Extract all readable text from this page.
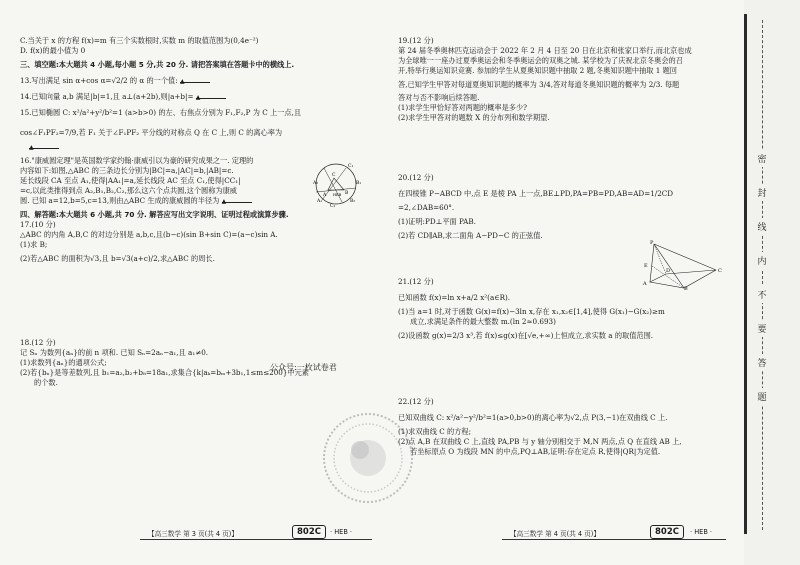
C.当关于 x 的方程 f(x)=m 有三个实数根时,实数 m 的取值范围为(0,4e⁻²)
D. f(x)的最小值为 0
三、填空题:本大题共 4 小题,每小题 5 分,共 20 分. 请把答案填在答题卡中的横线上.
13.写出满足 sin α+cos α=√2/2 的 α 的一个值: ▲
14.已知向量 a,b 满足|b|=1,且 a⊥(a+2b),则|a+b|= ▲
15.已知椭圆 C: x²/a²+y²/b²=1 (a>b>0) 的左、右焦点分别为 F₁,F₂,P 为 C 上一点,且
cos∠F₁PF₂=7/9,若 F₁ 关于∠F₁PF₂ 平分线的对称点 Q 在 C 上,则 C 的离心率为
▲
16."康威圆定理"是英国数学家约翰·康威引以为豪的研究成果之一. 定理的
内容如下:如图,△ABC 的三条边长分别为|BC|=a,|AC|=b,|AB|=c.
延长线段 CA 至点 A₁,使得|AA₁|=a,延长线段 AC 至点 C₁,使得|CC₁|
=c,以此类推得到点 A₂,B₁,B₂,C₂,那么这六个点共圆,这个圆称为康威
圆. 已知 a=12,b=5,c=13,则由△ABC 生成的康威圆的半径为 ▲
四、解答题:本大题共 6 小题,共 70 分. 解答应写出文字说明、证明过程或演算步骤.
17.(10 分)
△ABC 的内角 A,B,C 的对边分别是 a,b,c,且(b−c)(sin B+sin C)=(a−c)sin A.
(1)求 B;
(2)若△ABC 的面积为√3,且 b=√3(a+c)/2,求△ABC 的周长.
18.(12 分)
记 Sₙ 为数列{aₙ}的前 n 项和. 已知 Sₙ=2aₙ−a₁,且 a₁≠0.
(1)求数列{aₙ}的通项公式;
(2)若{bₙ}是等差数列,且 b₁=a₂,b₂+b₈=18a₁,求集合{k|aₖ=bₘ+3b₁,1≤m≤200}中元素
的个数.
C₁
A₂
C
B₁
A HEB B
A₁
C₂
B₂
公众号:一枚试卷君
19.(12 分)
第 24 届冬季奥林匹克运动会于 2022 年 2 月 4 日至 20 日在北京和张家口举行,而北京也成
为全球唯一一座办过夏季奥运会和冬季奥运会的双奥之城. 某学校为了庆祝北京冬奥会的召
开,特举行奥运知识竞赛. 参加的学生从夏奥知识题中抽取 2 题,冬奥知识题中抽取 1 题回
答,已知学生甲答对每道夏奥知识题的概率为 3/4,答对每道冬奥知识题的概率为 2/3. 每题
答对与否不影响后续答题.
(1)求学生甲恰好答对两题的概率是多少?
(2)求学生甲答对的题数 X 的分布列和数学期望.
20.(12 分)
在四棱锥 P−ABCD 中,点 E 是棱 PA 上一点,BE⊥PD,PA=PB=PD,AB=AD=1/2CD
=2,∠DAB=60°.
(1)证明:PD⊥平面 PAB.
(2)若 CD∥AB,求二面角 A−PD−C 的正弦值.
21.(12 分)
已知函数 f(x)=ln x+a/2 x²(a∈R).
(1)当 a=1 时,对于函数 G(x)=f(x)−3ln x,存在 x₁,x₂∈[1,4],使得 G(x₁)−G(x₂)≥m
成立,求满足条件的最大整数 m.(ln 2≈0.693)
(2)设函数 g(x)=2/3 x³,若 f(x)≤g(x)在[√e,+∞)上恒成立,求实数 a 的取值范围.
22.(12 分)
已知双曲线 C: x²/a²−y²/b²=1(a>0,b>0)的离心率为√2,点 P(3,−1)在双曲线 C 上.
(1)求双曲线 C 的方程;
(2)点 A,B 在双曲线 C 上,直线 PA,PB 与 y 轴分别相交于 M,N 两点,点 Q 在直线 AB 上,
若坐标原点 O 为线段 MN 的中点,PQ⊥AB,证明:存在定点 R,使得|QR|为定值.
P
E
D
A
B
C
【高三数学 第 3 页(共 4 页)】	802C	· HEB ·	【高三数学 第 4 页(共 4 页)】	802C	· HEB ·
密
封
线
内
不
要
答
题
